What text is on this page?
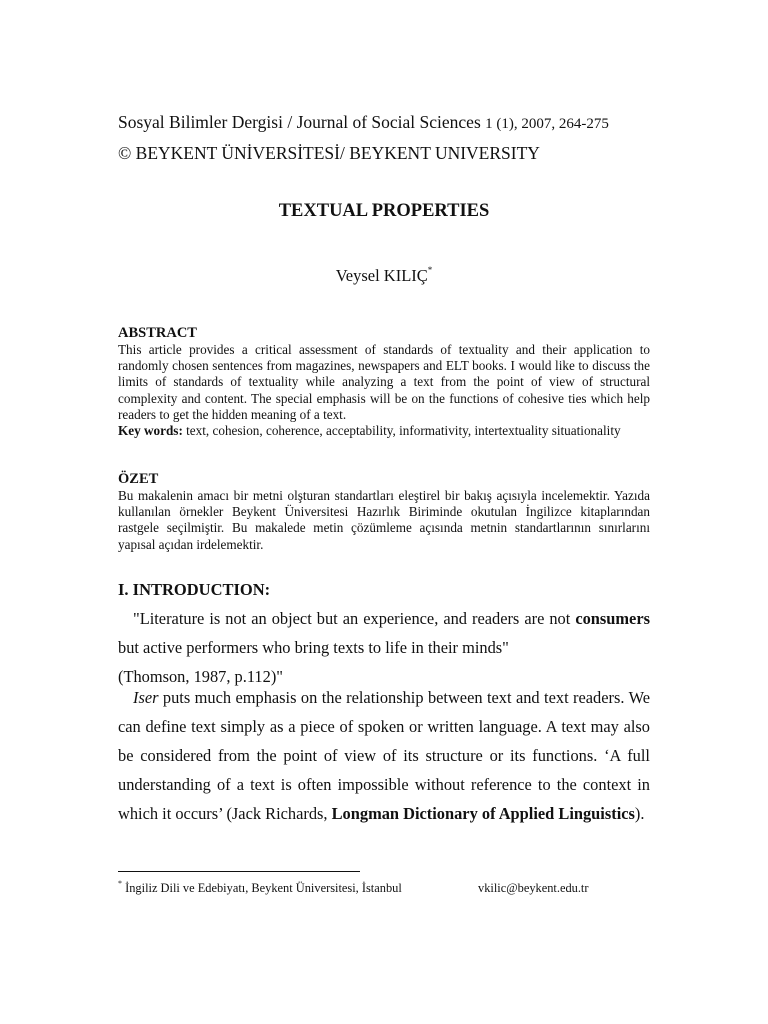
Sosyal Bilimler Dergisi / Journal of Social Sciences 1 (1), 2007, 264-275
© BEYKENT ÜNİVERSİTESİ/ BEYKENT UNIVERSITY
TEXTUAL PROPERTIES
Veysel KILIÇ*
ABSTRACT

This article provides a critical assessment of standards of textuality and their application to randomly chosen sentences from magazines, newspapers and ELT books. I would like to discuss the limits of standards of textuality while analyzing a text from the point of view of structural complexity and content. The special emphasis will be on the functions of cohesive ties which help readers to get the hidden meaning of a text.

Key words: text, cohesion, coherence, acceptability, informativity, intertextuality situationality

ÖZET

Bu makalenin amacı bir metni olşturan standartları eleştirel bir bakış açısıyla incelemektir. Yazıda kullanılan örnekler Beykent Üniversitesi Hazırlık Biriminde okutulan İngilizce kitaplarından rastgele seçilmiştir. Bu makalede metin çözümleme açısında metnin standartlarının sınırlarını yapısal açıdan irdelemektir.

I. INTRODUCTION:

"Literature is not an object but an experience, and readers are not consumers but active performers who bring texts to life in their minds"

(Thomson, 1987, p.112)"

Iser puts much emphasis on the relationship between text and text readers. We can define text simply as a piece of spoken or written language. A text may also be considered from the point of view of its structure or its functions. ‘A full understanding of a text is often impossible without reference to the context in which it occurs’ (Jack Richards, Longman Dictionary of Applied Linguistics).

* İngiliz Dili ve Edebiyatı, Beykent Üniversitesi, İstanbul	vkilic@beykent.edu.tr
